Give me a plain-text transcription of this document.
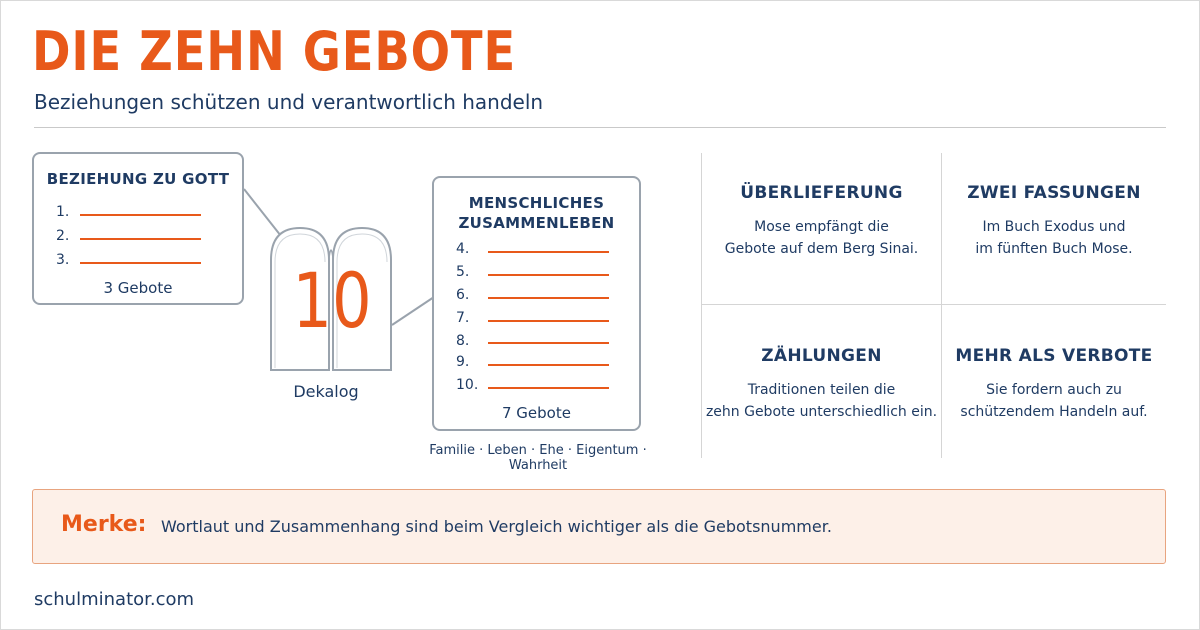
DIE ZEHN GEBOTE
Beziehungen schützen und verantwortlich handeln
BEZIEHUNG ZU GOTT
1.
2.
3.
3 Gebote	10
Dekalog
MENSCHLICHES
ZUSAMMENLEBEN
4.
5.
6.
7.
8.
9.
10.
7 Gebote
Familie · Leben · Ehe · Eigentum · Wahrheit
ÜBERLIEFERUNG
Mose empfängt die
Gebote auf dem Berg Sinai.
ZWEI FASSUNGEN
Im Buch Exodus und
im fünften Buch Mose.
ZÄHLUNGEN
Traditionen teilen die
zehn Gebote unterschiedlich ein.
MEHR ALS VERBOTE
Sie fordern auch zu
schützendem Handeln auf.
Merke: Wortlaut und Zusammenhang sind beim Vergleich wichtiger als die Gebotsnummer.
schulminator.com
